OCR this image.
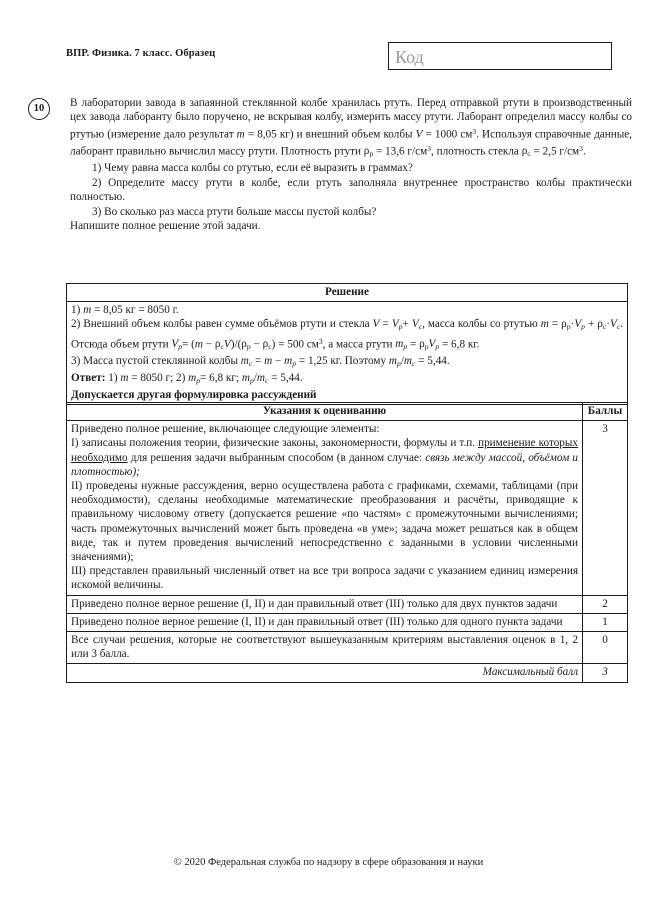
ВПР. Физика. 7 класс. Образец	Код
10	В лаборатории завода в запаянной стеклянной колбе хранилась ртуть. Перед отправкой ртути в производственный цех завода лаборанту было поручено, не вскрывая колбу, измерить массу ртути. Лаборант определил массу колбы со ртутью (измерение дало результат m = 8,05 кг) и внешний объем колбы V = 1000 $см^3$. Используя справочные данные, лаборант правильно вычислил массу ртути. Плотность ртути $\rho_р = 13,6$ $г/см^3$, плотность стекла $\rho_с = 2,5$ $г/см^3$.

1) Чему равна масса колбы со ртутью, если её выразить в граммах?

2) Определите массу ртути в колбе, если ртуть заполняла внутреннее пространство колбы практически полностью.

3) Во сколько раз масса ртути больше массы пустой колбы?

Напишите полное решение этой задачи.

Решение

1) m = 8,05 кг = 8050 г.
2) Внешний объем колбы равен сумме объёмов ртути и стекла $V = V_р+ V_с$, масса колбы со ртутью $m = \rho_р\cdot V_р + \rho_с\cdot V_с$. Отсюда объем ртути $V_р= (m - \rho_сV)/(\rho_р - \rho_с) = 500$ $см^3$, а масса ртути $m_р = \rho_рV_р = 6,8$ кг.
3) Масса пустой стеклянной колбы $m_с = m - m_р = 1,25$ кг. Поэтому $m_р/m_с = 5,44$.
Ответ: 1) m = 8050 г; 2) $m_р= 6,8$ кг; $m_р/m_с = 5,44$.
Допускается другая формулировка рассуждений
Указания к оцениванию	Баллы

Приведено полное решение, включающее следующие элементы:
I) записаны положения теории, физические законы, закономерности, формулы и т.п. применение которых необходимо для решения задачи выбранным способом (в данном случае: связь между массой, объёмом и плотностью);
II) проведены нужные рассуждения, верно осуществлена работа с графиками, схемами, таблицами (при необходимости), сделаны необходимые математические преобразования и расчёты, приводящие к правильному числовому ответу (допускается решение «по частям» с промежуточными вычислениями; часть промежуточных вычислений может быть проведена «в уме»; задача может решаться как в общем виде, так и путем проведения вычислений непосредственно с заданными в условии численными значениями);
III) представлен правильный численный ответ на все три вопроса задачи с указанием единиц измерения искомой величины.	3
Приведено полное верное решение (I, II) и дан правильный ответ (III) только для двух пунктов задачи	2
Приведено полное верное решение (I, II) и дан правильный ответ (III) только для одного пункта задачи	1
Все случаи решения, которые не соответствуют вышеуказанным критериям выставления оценок в 1, 2 или 3 балла.	0
Максимальный балл	3
© 2020 Федеральная служба по надзору в сфере образования и науки
